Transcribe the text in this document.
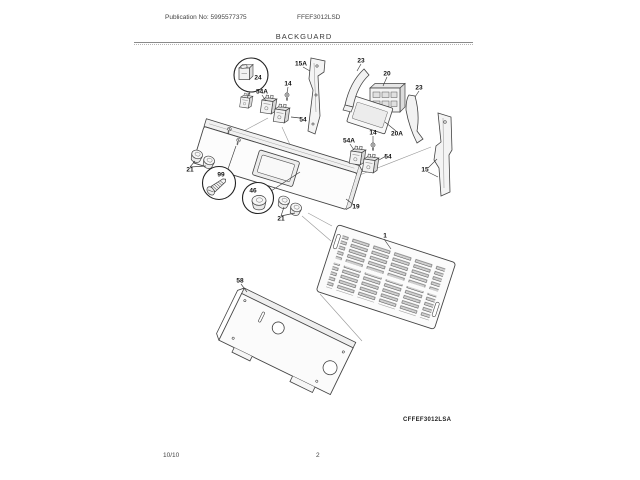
Publication No: 5995577375	FFEF3012LSD
BACKGUARD
24
54A
14
15A	23
20
23
54
20A
14
54A
54
15
19
21
99
46
21
1
58
CFFEF3012LSA
10/10	2
